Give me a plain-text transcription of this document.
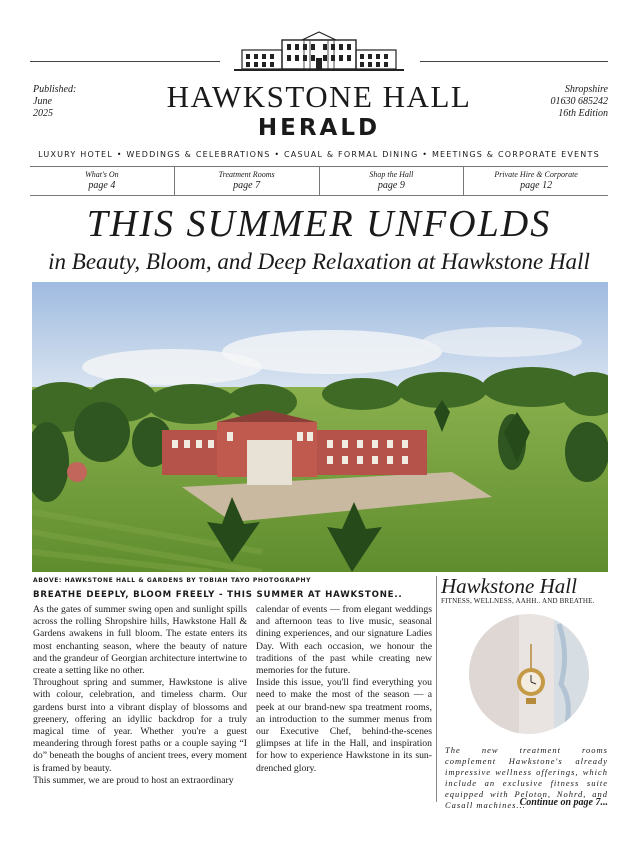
Published:
June
2025
Shropshire
01630 685242
16th Edition
HAWKSTONE HALL
HERALD
LUXURY HOTEL • WEDDINGS & CELEBRATIONS • CASUAL & FORMAL DINING • MEETINGS & CORPORATE EVENTS
What's On
page 4
Treatment Rooms
page 7
Shop the Hall
page 9
Private Hire & Corporate
page 12
THIS SUMMER UNFOLDS
in Beauty, Bloom, and Deep Relaxation at Hawkstone Hall
ABOVE: HAWKSTONE HALL & GARDENS BY TOBIAH TAYO PHOTOGRAPHY
BREATHE DEEPLY, BLOOM FREELY - THIS SUMMER AT HAWKSTONE..

As the gates of summer swing open and sunlight spills across the rolling Shropshire hills, Hawkstone Hall & Gardens awakens in full bloom. The estate enters its most enchanting season, where the beauty of nature and the grandeur of Georgian architecture intertwine to create a setting like no other.

Throughout spring and summer, Hawkstone is alive with colour, celebration, and timeless charm. Our gardens burst into a vibrant display of blossoms and greenery, offering an idyllic backdrop for a truly magical time of year. Whether you're a guest meandering through forest paths or a couple saying “I do” beneath the boughs of ancient trees, every moment is framed by beauty.

This summer, we are proud to host an extraordinary

calendar of events — from elegant weddings and afternoon teas to live music, seasonal dining experiences, and our signature Ladies Day. With each occasion, we honour the traditions of the past while creating new memories for the future.

Inside this issue, you'll find everything you need to make the most of the season — a peek at our brand-new spa treatment rooms, an introduction to the summer menus from our Executive Chef, behind-the-scenes glimpses at life in the Hall, and inspiration for how to experience Hawkstone in its sun-drenched glory.

Hawkstone Hall
FITNESS, WELLNESS, AAHH.. AND BREATHE.
The new treatment rooms complement Hawkstone's already impressive wellness offerings, which include an exclusive fitness suite equipped with Peloton, Nohrd, and Casall machines...
Continue on page 7...
